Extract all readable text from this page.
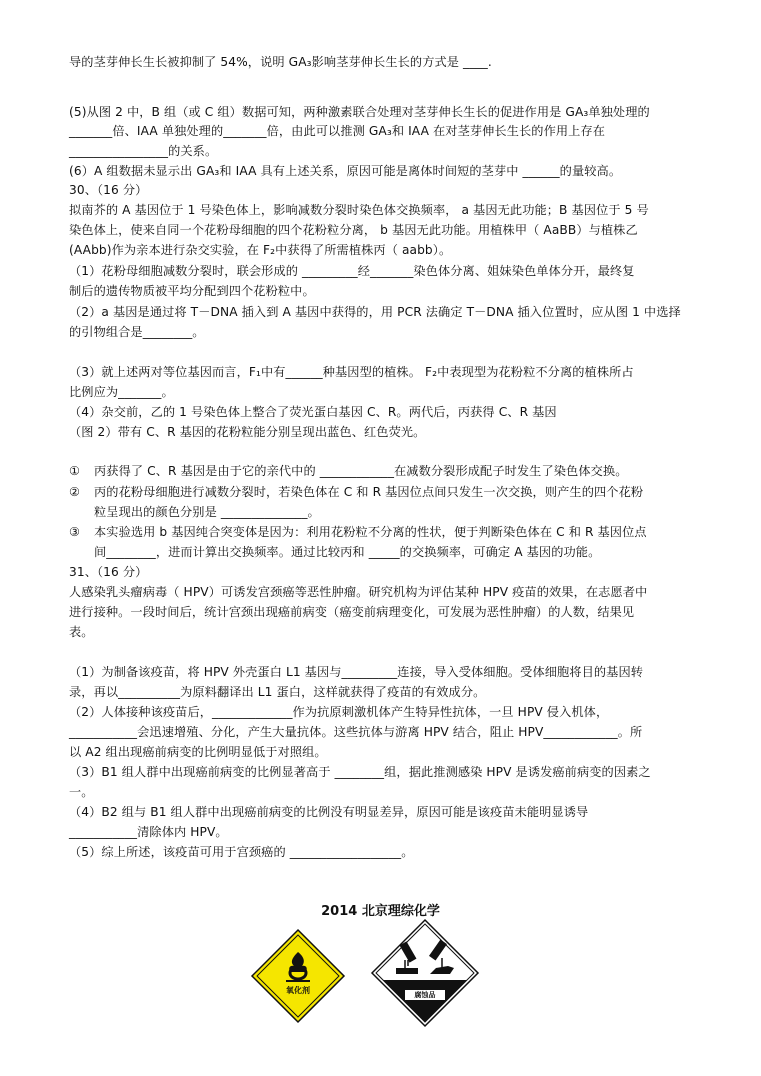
导的茎芽伸长生长被抑制了 54%，说明 GA₃影响茎芽伸长生长的方式是 ____.
(5)从图 2 中，B 组（或 C 组）数据可知，两种激素联合处理对茎芽伸长生长的促进作用是 GA₃单独处理的
_______倍、IAA 单独处理的_______倍，由此可以推测 GA₃和 IAA 在对茎芽伸长生长的作用上存在
________________的关系。
(6）A 组数据未显示出 GA₃和 IAA 具有上述关系，原因可能是离体时间短的茎芽中 ______的量较高。
30、（16 分）
拟南芥的 A 基因位于 1 号染色体上，影响减数分裂时染色体交换频率， a 基因无此功能；B 基因位于 5 号
染色体上，使来自同一个花粉母细胞的四个花粉粒分离， b 基因无此功能。用植株甲（ AaBB）与植株乙
(AAbb)作为亲本进行杂交实验，在 F₂中获得了所需植株丙（ aabb）。
（1）花粉母细胞减数分裂时，联会形成的 _________经_______染色体分离、姐妹染色单体分开，最终复
制后的遗传物质被平均分配到四个花粉粒中。
（2）a 基因是通过将 T－DNA 插入到 A 基因中获得的，用 PCR 法确定 T－DNA 插入位置时，应从图 1 中选择
的引物组合是________。
（3）就上述两对等位基因而言，F₁中有______种基因型的植株。 F₂中表现型为花粉粒不分离的植株所占
比例应为_______。
（4）杂交前，乙的 1 号染色体上整合了荧光蛋白基因 C、R。两代后，丙获得 C、R 基因
（图 2）带有 C、R 基因的花粉粒能分别呈现出蓝色、红色荧光。
①	丙获得了 C、R 基因是由于它的亲代中的 ____________在减数分裂形成配子时发生了染色体交换。
②	丙的花粉母细胞进行减数分裂时，若染色体在 C 和 R 基因位点间只发生一次交换，则产生的四个花粉
粒呈现出的颜色分别是 ______________。
③	本实验选用 b 基因纯合突变体是因为：利用花粉粒不分离的性状，便于判断染色体在 C 和 R 基因位点
间________，进而计算出交换频率。通过比较丙和 _____的交换频率，可确定 A 基因的功能。
31、（16 分）
人感染乳头瘤病毒（ HPV）可诱发宫颈癌等恶性肿瘤。研究机构为评估某种 HPV 疫苗的效果，在志愿者中
进行接种。一段时间后，统计宫颈出现癌前病变（癌变前病理变化，可发展为恶性肿瘤）的人数，结果见
表。
（1）为制备该疫苗，将 HPV 外壳蛋白 L1 基因与_________连接，导入受体细胞。受体细胞将目的基因转
录，再以__________为原料翻译出 L1 蛋白，这样就获得了疫苗的有效成分。
（2）人体接种该疫苗后，_____________作为抗原刺激机体产生特异性抗体，一旦 HPV 侵入机体，
___________会迅速增殖、分化，产生大量抗体。这些抗体与游离 HPV 结合，阻止 HPV____________。所
以 A2 组出现癌前病变的比例明显低于对照组。
（3）B1 组人群中出现癌前病变的比例显著高于 ________组，据此推测感染 HPV 是诱发癌前病变的因素之
一。
（4）B2 组与 B1 组人群中出现癌前病变的比例没有明显差异，原因可能是该疫苗未能明显诱导
___________清除体内 HPV。
（5）综上所述，该疫苗可用于宫颈癌的 __________________。
2014 北京理综化学
氧化剂	腐蚀品
